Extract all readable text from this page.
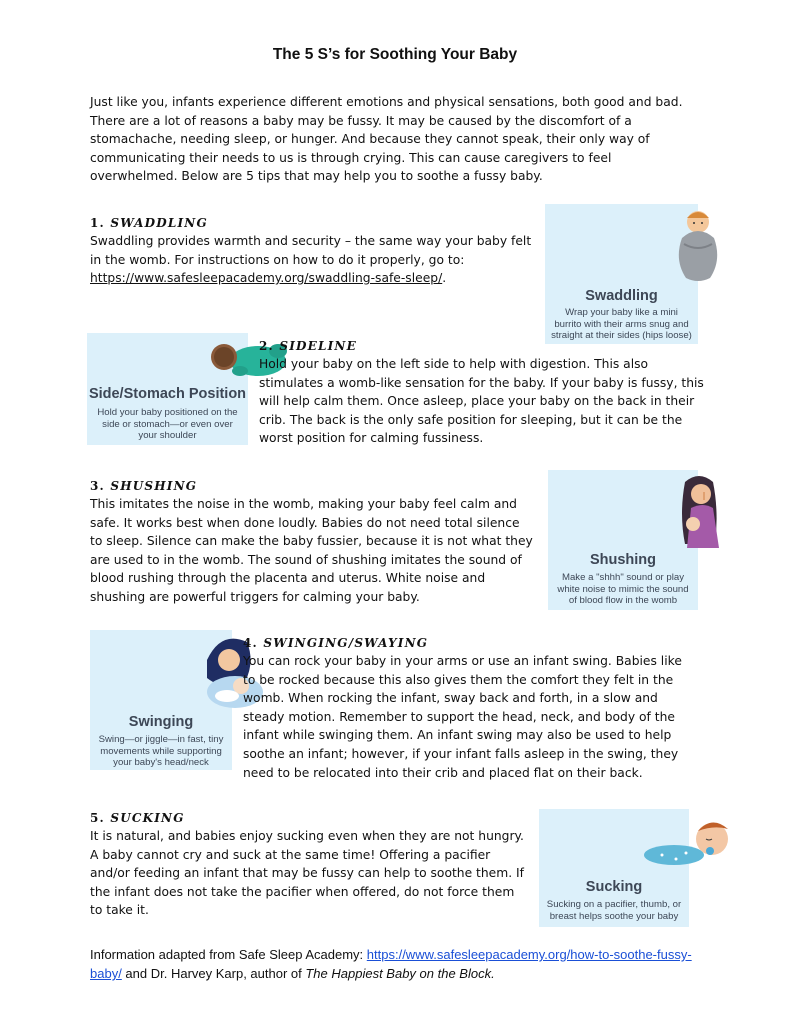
The 5 S’s for Soothing Your Baby
Just like you, infants experience different emotions and physical sensations, both good and bad. There are a lot of reasons a baby may be fussy. It may be caused by the discomfort of a stomachache, needing sleep, or hunger. And because they cannot speak, their only way of communicating their needs to us is through crying. This can cause caregivers to feel overwhelmed. Below are 5 tips that may help you to soothe a fussy baby.
1. SWADDLING
Swaddling provides warmth and security – the same way your baby felt in the womb. For instructions on how to do it properly, go to: https://www.safesleepacademy.org/swaddling-safe-sleep/.
Swaddling
Wrap your baby like a mini burrito with their arms snug and straight at their sides (hips loose)
Side/Stomach Position
Hold your baby positioned on the side or stomach—or even over your shoulder
2. SIDELINE
Hold your baby on the left side to help with digestion. This also stimulates a womb-like sensation for the baby. If your baby is fussy, this will help calm them. Once asleep, place your baby on the back in their crib. The back is the only safe position for sleeping, but it can be the worst position for calming fussiness.
3. SHUSHING
This imitates the noise in the womb, making your baby feel calm and safe. It works best when done loudly. Babies do not need total silence to sleep. Silence can make the baby fussier, because it is not what they are used to in the womb. The sound of shushing imitates the sound of blood rushing through the placenta and uterus. White noise and shushing are powerful triggers for calming your baby.
Shushing
Make a "shhh" sound or play white noise to mimic the sound of blood flow in the womb
Swinging
Swing—or jiggle—in fast, tiny movements while supporting your baby's head/neck
4. SWINGING/SWAYING
You can rock your baby in your arms or use an infant swing. Babies like to be rocked because this also gives them the comfort they felt in the womb. When rocking the infant, sway back and forth, in a slow and steady motion. Remember to support the head, neck, and body of the infant while swinging them. An infant swing may also be used to help soothe an infant; however, if your infant falls asleep in the swing, they need to be relocated into their crib and placed flat on their back.
5. SUCKING
It is natural, and babies enjoy sucking even when they are not hungry. A baby cannot cry and suck at the same time! Offering a pacifier and/or feeding an infant that may be fussy can help to soothe them. If the infant does not take the pacifier when offered, do not force them to take it.
Sucking
Sucking on a pacifier, thumb, or breast helps soothe your baby
Information adapted from Safe Sleep Academy: https://www.safesleepacademy.org/how-to-soothe-fussy-baby/ and Dr. Harvey Karp, author of The Happiest Baby on the Block.
